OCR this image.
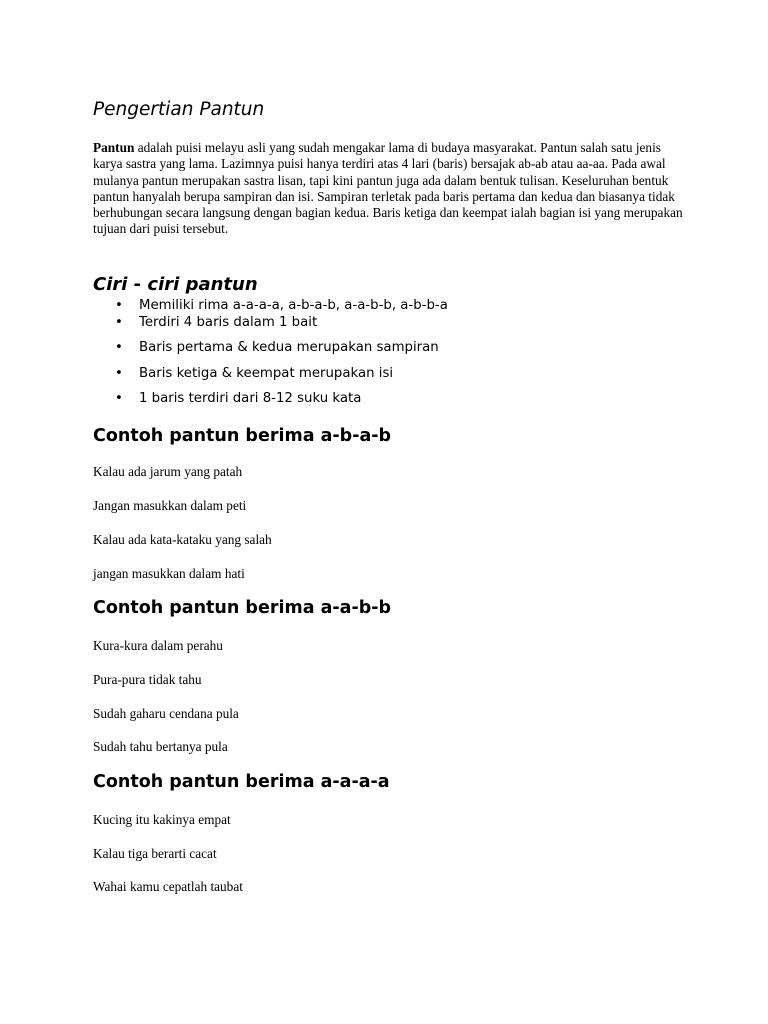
Pengertian Pantun

Pantun adalah puisi melayu asli yang sudah mengakar lama di budaya masyarakat. Pantun salah satu jenis karya sastra yang lama. Lazimnya puisi hanya terdiri atas 4 lari (baris) bersajak ab-ab atau aa-aa. Pada awal mulanya pantun merupakan sastra lisan, tapi kini pantun juga ada dalam bentuk tulisan. Keseluruhan bentuk pantun hanyalah berupa sampiran dan isi. Sampiran terletak pada baris pertama dan kedua dan biasanya tidak berhubungan secara langsung dengan bagian kedua. Baris ketiga dan keempat ialah bagian isi yang merupakan tujuan dari puisi tersebut.

Ciri - ciri pantun
• Memiliki rima a-a-a-a, a-b-a-b, a-a-b-b, a-b-b-a
• Terdiri 4 baris dalam 1 bait
• Baris pertama & kedua merupakan sampiran
• Baris ketiga & keempat merupakan isi
• 1 baris terdiri dari 8-12 suku kata
Contoh pantun berima a-b-a-b

Kalau ada jarum yang patah

Jangan masukkan dalam peti

Kalau ada kata-kataku yang salah

jangan masukkan dalam hati

Contoh pantun berima a-a-b-b

Kura-kura dalam perahu

Pura-pura tidak tahu

Sudah gaharu cendana pula

Sudah tahu bertanya pula

Contoh pantun berima a-a-a-a

Kucing itu kakinya empat

Kalau tiga berarti cacat

Wahai kamu cepatlah taubat
